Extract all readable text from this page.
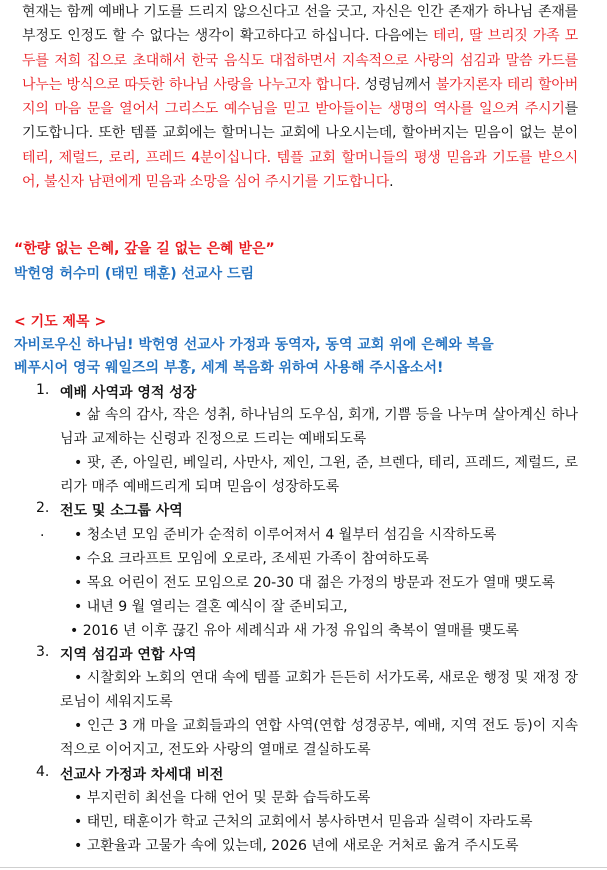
현재는 함께 예배나 기도를 드리지 않으신다고 선을 긋고, 자신은 인간 존재가 하나님 존재를 부정도 인정도 할 수 없다는 생각이 확고하다고 하십니다. 다음에는 테리, 딸 브리짓 가족 모두를 저희 집으로 초대해서 한국 음식도 대접하면서 지속적으로 사랑의 섬김과 말씀 카드를 나누는 방식으로 따듯한 하나님 사랑을 나누고자 합니다. 성령님께서 불가지론자 테리 할아버지의 마음 문을 열어서 그리스도 예수님을 믿고 받아들이는 생명의 역사를 일으켜 주시기를 기도합니다. 또한 템플 교회에는 할머니는 교회에 나오시는데, 할아버지는 믿음이 없는 분이 테리, 제럴드, 로리, 프레드 4분이십니다. 템플 교회 할머니들의 평생 믿음과 기도를 받으시어, 불신자 남편에게 믿음과 소망을 심어 주시기를 기도합니다.
“한량 없는 은혜, 갚을 길 없는 은혜 받은”
박헌영 허수미 (태민 태훈) 선교사 드림
< 기도 제목 >
자비로우신 하나님! 박헌영 선교사 가정과 동역자, 동역 교회 위에 은혜와 복을
베푸시어 영국 웨일즈의 부흥, 세계 복음화 위하여 사용해 주시옵소서!
1. 예배 사역과 영적 성장
• 삶 속의 감사, 작은 성취, 하나님의 도우심, 회개, 기쁨 등을 나누며 살아계신 하나님과 교제하는 신령과 진정으로 드리는 예배되도록
• 팟, 존, 아일린, 베일리, 사만사, 제인, 그윈, 준, 브렌다, 테리, 프레드, 제럴드, 로리가 매주 예배드리게 되며 믿음이 성장하도록
2. 전도 및 소그룹 사역
. • 청소년 모임 준비가 순적히 이루어져서 4 월부터 섬김을 시작하도록
• 수요 크라프트 모임에 오로라, 조세핀 가족이 참여하도록
• 목요 어린이 전도 모임으로 20-30 대 젊은 가정의 방문과 전도가 열매 맺도록
• 내년 9 월 열리는 결혼 예식이 잘 준비되고,
• 2016 년 이후 끊긴 유아 세례식과 새 가정 유입의 축복이 열매를 맺도록
3. 지역 섬김과 연합 사역
• 시찰회와 노회의 연대 속에 템플 교회가 든든히 서가도록, 새로운 행정 및 재정 장로님이 세워지도록
• 인근 3 개 마을 교회들과의 연합 사역(연합 성경공부, 예배, 지역 전도 등)이 지속적으로 이어지고, 전도와 사랑의 열매로 결실하도록
4. 선교사 가정과 차세대 비전
• 부지런히 최선을 다해 언어 및 문화 습득하도록
• 태민, 태훈이가 학교 근처의 교회에서 봉사하면서 믿음과 실력이 자라도록
• 고환율과 고물가 속에 있는데, 2026 년에 새로운 거처로 옮겨 주시도록
